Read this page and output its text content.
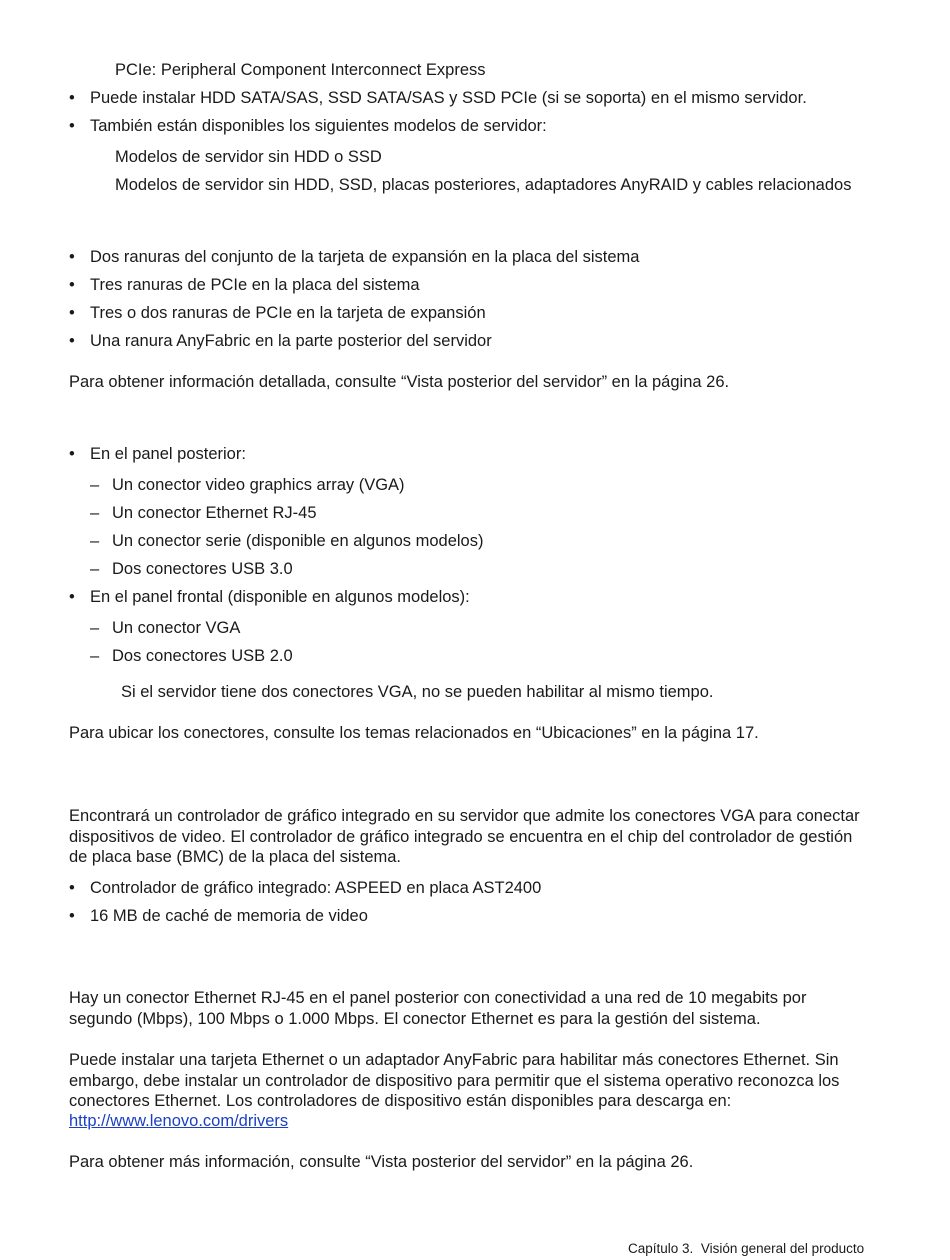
PCIe: Peripheral Component Interconnect Express
•
Puede instalar HDD SATA/SAS, SSD SATA/SAS y SSD PCIe (si se soporta) en el mismo servidor.
•
También están disponibles los siguientes modelos de servidor:
Modelos de servidor sin HDD o SSD
Modelos de servidor sin HDD, SSD, placas posteriores, adaptadores AnyRAID y cables relacionados
•
Dos ranuras del conjunto de la tarjeta de expansión en la placa del sistema
•
Tres ranuras de PCIe en la placa del sistema
•
Tres o dos ranuras de PCIe en la tarjeta de expansión
•
Una ranura AnyFabric en la parte posterior del servidor
Para obtener información detallada, consulte “Vista posterior del servidor” en la página 26.
•
En el panel posterior:
–
Un conector video graphics array (VGA)
–
Un conector Ethernet RJ-45
–
Un conector serie (disponible en algunos modelos)
–
Dos conectores USB 3.0
•
En el panel frontal (disponible en algunos modelos):
–
Un conector VGA
–
Dos conectores USB 2.0
Si el servidor tiene dos conectores VGA, no se pueden habilitar al mismo tiempo.
Para ubicar los conectores, consulte los temas relacionados en “Ubicaciones” en la página 17.
Encontrará un controlador de gráfico integrado en su servidor que admite los conectores VGA para conectar
dispositivos de video. El controlador de gráfico integrado se encuentra en el chip del controlador de gestión
de placa base (BMC) de la placa del sistema.
•
Controlador de gráfico integrado: ASPEED en placa AST2400
•
16 MB de caché de memoria de video
Hay un conector Ethernet RJ-45 en el panel posterior con conectividad a una red de 10 megabits por
segundo (Mbps), 100 Mbps o 1.000 Mbps. El conector Ethernet es para la gestión del sistema.
Puede instalar una tarjeta Ethernet o un adaptador AnyFabric para habilitar más conectores Ethernet. Sin
embargo, debe instalar un controlador de dispositivo para permitir que el sistema operativo reconozca los
conectores Ethernet. Los controladores de dispositivo están disponibles para descarga en:
http://www.lenovo.com/drivers
Para obtener más información, consulte “Vista posterior del servidor” en la página 26.
Capítulo 3. Visión general del producto
